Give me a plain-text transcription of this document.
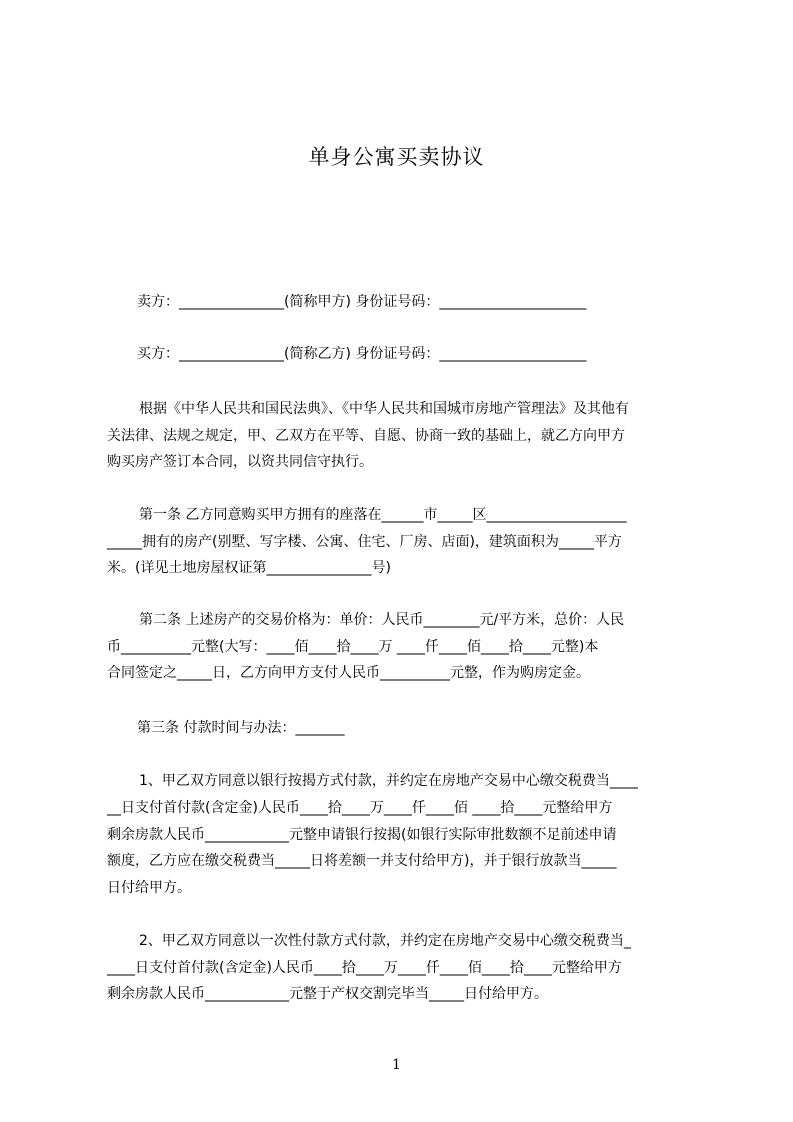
单身公寓买卖协议
卖方：_______________(简称甲方) 身份证号码：_____________________
买方：_______________(简称乙方) 身份证号码：_____________________
根据《中华人民共和国民法典》、《中华人民共和国城市房地产管理法》及其他有
关法律、法规之规定，甲、乙双方在平等、自愿、协商一致的基础上，就乙方向甲方
购买房产签订本合同，以资共同信守执行。
第一条 乙方同意购买甲方拥有的座落在______市_____区____________________
_____拥有的房产(别墅、写字楼、公寓、住宅、厂房、店面)，建筑面积为_____平方
米。(详见土地房屋权证第_______________号)
第二条 上述房产的交易价格为：单价：人民币________元/平方米，总价：人民
币__________元整(大写：____佰____拾____万 ____仟____佰____拾____元整)本
合同签定之_____日，乙方向甲方支付人民币__________元整，作为购房定金。
第三条 付款时间与办法：_______
1、甲乙双方同意以银行按揭方式付款，并约定在房地产交易中心缴交税费当____
__日支付首付款(含定金)人民币____拾____万____仟____佰 ____拾____元整给甲方
剩余房款人民币____________元整申请银行按揭(如银行实际审批数额不足前述申请
额度，乙方应在缴交税费当_____日将差额一并支付给甲方)，并于银行放款当_____
日付给甲方。
2、甲乙双方同意以一次性付款方式付款，并约定在房地产交易中心缴交税费当_
____日支付首付款(含定金)人民币____拾____万____仟____佰____拾____元整给甲方
剩余房款人民币____________元整于产权交割完毕当_____日付给甲方。
1
